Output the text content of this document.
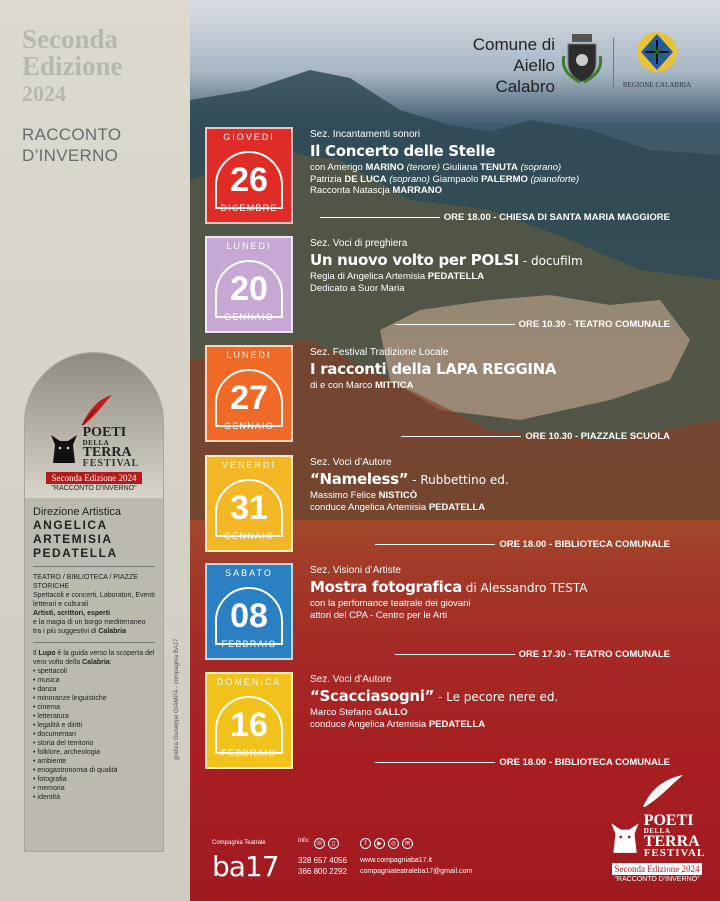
Seconda
Edizione
2024
RACCONTO
D’INVERNO
POETI
DELLA
TERRA
FESTIVAL
Seconda Edizione 2024
"RACCONTO D'INVERNO"
Direzione Artistica
ANGELICA
ARTEMISIA
PEDATELLA
TEATRO / BIBLIOTECA / PIAZZE STORICHE
Spettacoli e concerti, Laboratori, Eventi letterari e culturali
Artisti, scrittori, esperti
e la magia di un borgo mediterraneo tra i più suggestivi di Calabria
Il Lupo è la guida verso la scoperta del vero volto della Calabria:
• spettacoli
• musica
• danza
• minoranze linguistiche
• cinema
• letteratura
• legalità e diritti
• documentari
• storia del territorio
• folklore, archeologia
• ambiente
• enogastronomia di qualità
• fotografia
• memoria
• identità
grafica Giuseppe GIAMPÀ - compagnia BA17
Comune di
Aiello
Calabro	REGIONE CALABRIA
GIOVEDI
26
DICEMBRE
Sez. Incantamenti sonori
Il Concerto delle Stelle
con Amerigo MARINO (tenore) Giuliana TENUTA (soprano)
Patrizia DE LUCA (soprano) Giampaolo PALERMO (pianoforte)
Racconta Natascja MARRANO
ORE 18.00 - CHIESA DI SANTA MARIA MAGGIORE
LUNEDI
20
GENNAIO
Sez. Voci di preghiera
Un nuovo volto per POLSI - docufilm
Regia di Angelica Artemisia PEDATELLA
Dedicato a Suor Maria
ORE 10.30 - TEATRO COMUNALE
LUNEDI
27
GENNAIO
Sez. Festival Tradizione Locale
I racconti della LAPA REGGINA
di e con Marco MITTICA
ORE 10.30 - PIAZZALE SCUOLA
VENERDI
31
GENNAIO
Sez. Voci d’Autore
“Nameless” - Rubbettino ed.
Massimo Felice NISTICÒ
conduce Angelica Artemisia PEDATELLA
ORE 18.00 - BIBLIOTECA COMUNALE
SABATO
08
FEBBRAIO
Sez. Visioni d’Artiste
Mostra fotografica di Alessandro TESTA
con la perfomance teatrale dei giovani
attori del CPA - Centro per le Arti
ORE 17.30 - TEATRO COMUNALE
DOMENICA
16
FEBBRAIO
Sez. Voci d’Autore
“Scacciasogni” - Le pecore nere ed.
Marco Stefano GALLO
conduce Angelica Artemisia PEDATELLA
ORE 18.00 - BIBLIOTECA COMUNALE
POETI
DELLA
TERRA
FESTIVAL
Seconda Edizione 2024
"RACCONTO D'INVERNO"
Compagnia Teatrale
ba17
Info: ☏	▯	f	▶	◎	✉
328 657 4056
366 800 2292
www.compagniaba17.it
compagniateatraleba17@gmail.com
